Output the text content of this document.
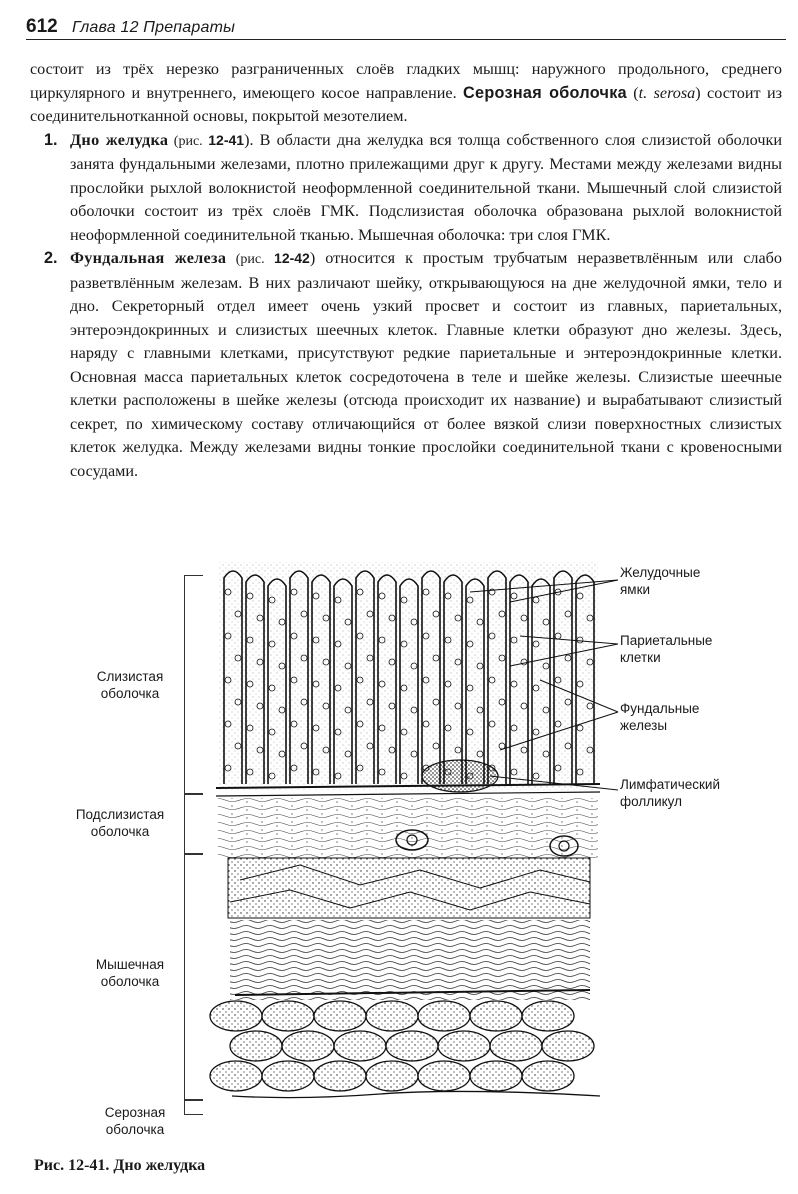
612 Глава 12 Препараты

состоит из трёх нерезко разграниченных слоёв гладких мышц: наружного продольного, среднего циркулярного и внутреннего, имеющего косое направление. Серозная оболочка (t. serosa) состоит из соединительнотканной основы, покрытой мезотелием.

1. Дно желудка (рис. 12-41). В области дна желудка вся толща собственного слоя слизистой оболочки занята фундальными железами, плотно прилежащими друг к другу. Местами между железами видны прослойки рыхлой волокнистой неоформленной соединительной ткани. Мышечный слой слизистой оболочки состоит из трёх слоёв ГМК. Подслизистая оболочка образована рыхлой волокнистой неоформленной соединительной тканью. Мышечная оболочка: три слоя ГМК.

2. Фундальная железа (рис. 12-42) относится к простым трубчатым неразветвлённым или слабо разветвлённым железам. В них различают шейку, открывающуюся на дне желудочной ямки, тело и дно. Секреторный отдел имеет очень узкий просвет и состоит из главных, париетальных, энтероэндокринных и слизистых шеечных клеток. Главные клетки образуют дно железы. Здесь, наряду с главными клетками, присутствуют редкие париетальные и энтероэндокринные клетки. Основная масса париетальных клеток сосредоточена в теле и шейке железы. Слизистые шеечные клетки расположены в шейке железы (отсюда происходит их название) и вырабатывают слизистый секрет, по химическому составу отличающийся от более вязкой слизи поверхностных слизистых клеток желудка. Между железами видны тонкие прослойки соединительной ткани с кровеносными сосудами.

Слизистая оболочка
Подслизистая оболочка
Мышечная оболочка
Серозная оболочка
Желудочные ямки
Париетальные клетки
Фундальные железы
Лимфатический фолликул
Рис. 12-41. Дно желудка
